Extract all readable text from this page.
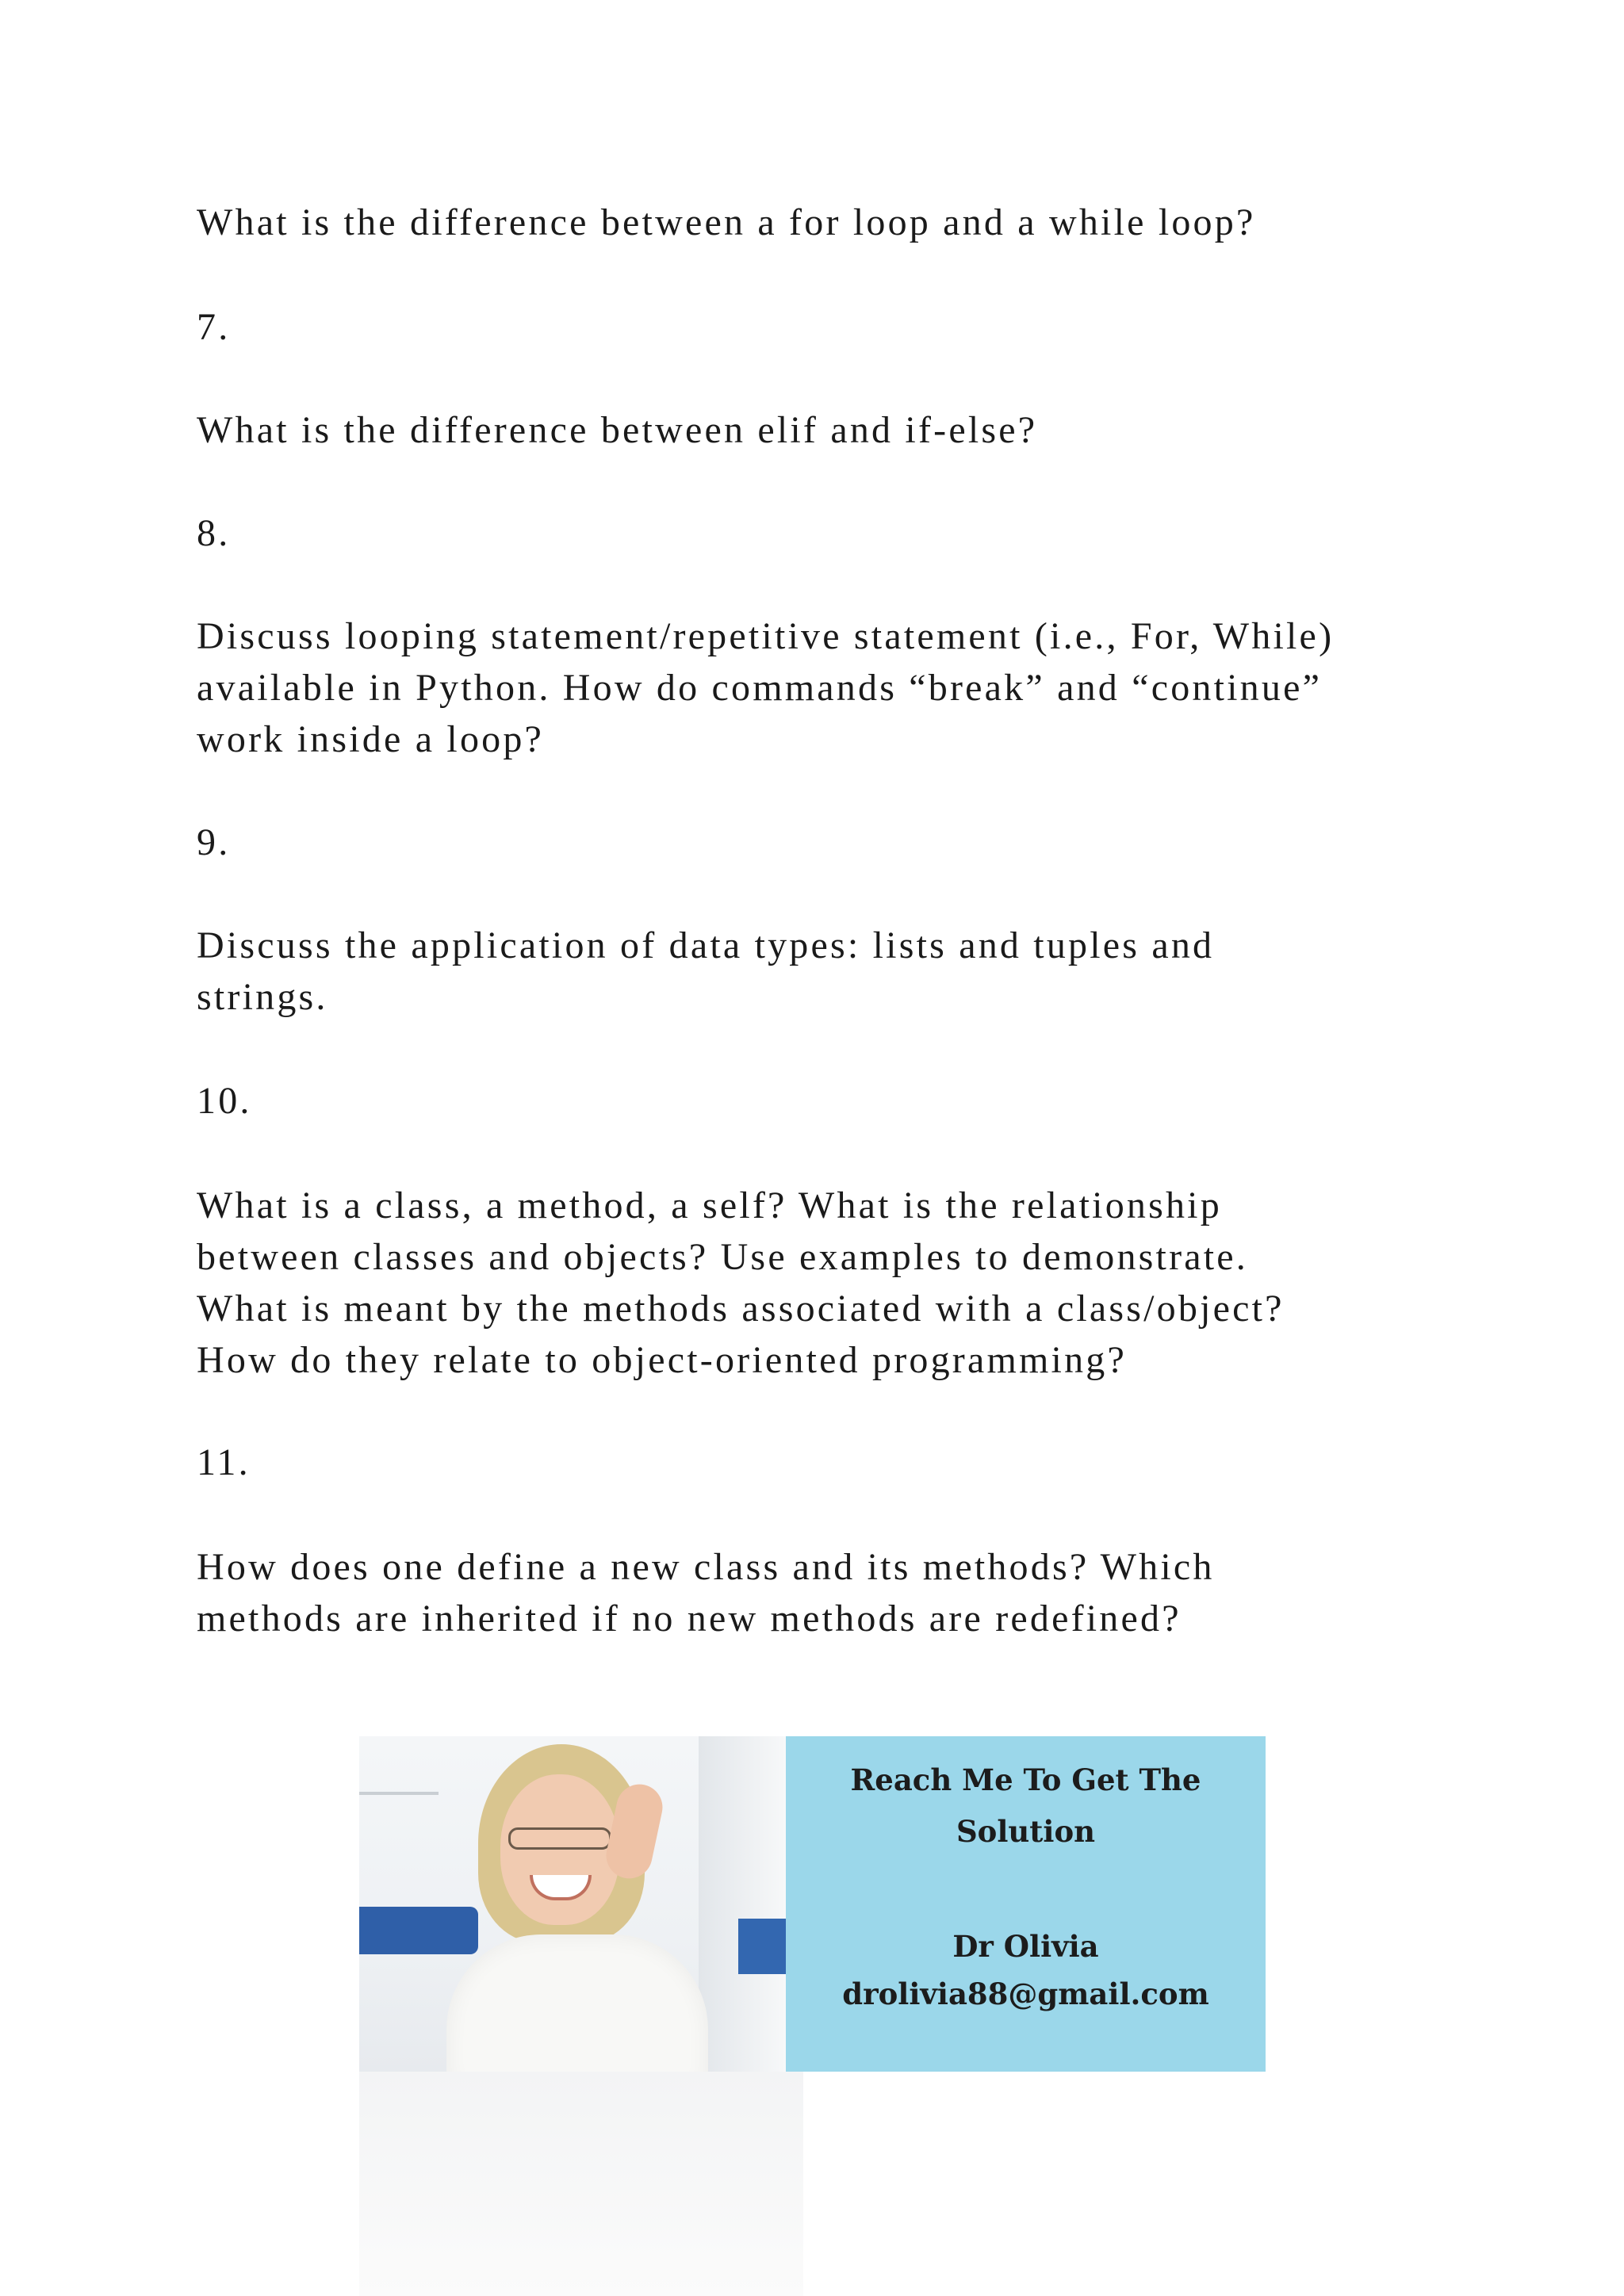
What is the difference between a for loop and a while loop?

7.

What is the difference between elif and if-else?

8.

Discuss looping statement/repetitive statement (i.e., For, While)
available in Python. How do commands “break” and “continue”
work inside a loop?

9.

Discuss the application of data types: lists and tuples and
strings.

10.

What is a class, a method, a self? What is the relationship
between classes and objects? Use examples to demonstrate.
What is meant by the methods associated with a class/object?
How do they relate to object-oriented programming?

11.

How does one define a new class and its methods? Which
methods are inherited if no new methods are redefined?

Reach Me To Get The
Solution
Dr Olivia
drolivia88@gmail.com
